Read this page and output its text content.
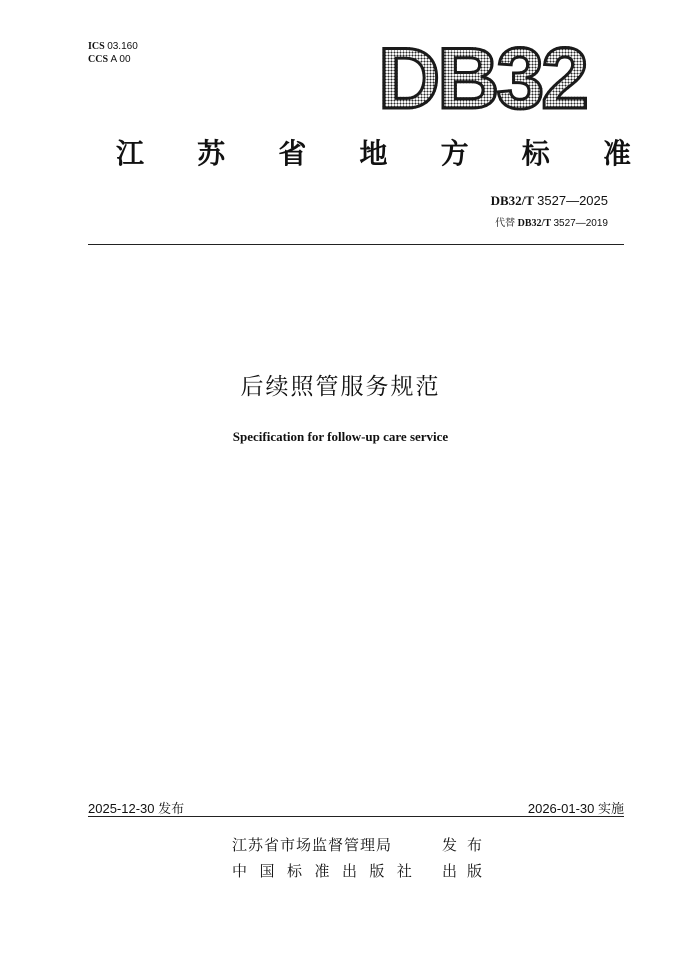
ICS 03.160
CCS A 00	DB32
江 苏 省 地 方 标 准
DB32/T 3527—2025
代替 DB32/T 3527—2019
后续照管服务规范
Specification for follow-up care service
2025-12-30 发布	2026-01-30 实施
江苏省市场监督管理局	发布
中 国 标 准 出 版 社 出版
